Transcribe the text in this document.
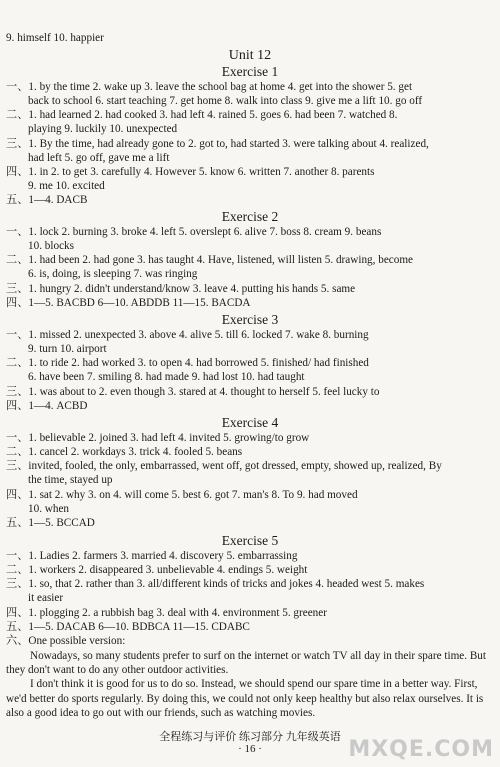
9. himself 10. happier
Unit 12
Exercise 1
一、1. by the time 2. wake up 3. leave the school bag at home 4. get into the shower 5. get
back to school 6. start teaching 7. get home 8. walk into class 9. give me a lift 10. go off
二、1. had learned 2. had cooked 3. had left 4. rained 5. goes 6. had been 7. watched 8.
playing 9. luckily 10. unexpected
三、1. By the time, had already gone to 2. got to, had started 3. were talking about 4. realized,
had left 5. go off, gave me a lift
四、1. in 2. to get 3. carefully 4. However 5. know 6. written 7. another 8. parents
9. me 10. excited
五、1—4. DACB
Exercise 2
一、1. lock 2. burning 3. broke 4. left 5. overslept 6. alive 7. boss 8. cream 9. beans
10. blocks
二、1. had been 2. had gone 3. has taught 4. Have, listened, will listen 5. drawing, become
6. is, doing, is sleeping 7. was ringing
三、1. hungry 2. didn't understand/know 3. leave 4. putting his hands 5. same
四、1—5. BACBD 6—10. ABDDB 11—15. BACDA
Exercise 3
一、1. missed 2. unexpected 3. above 4. alive 5. till 6. locked 7. wake 8. burning
9. turn 10. airport
二、1. to ride 2. had worked 3. to open 4. had borrowed 5. finished/ had finished
6. have been 7. smiling 8. had made 9. had lost 10. had taught
三、1. was about to 2. even though 3. stared at 4. thought to herself 5. feel lucky to
四、1—4. ACBD
Exercise 4
一、1. believable 2. joined 3. had left 4. invited 5. growing/to grow
二、1. cancel 2. workdays 3. trick 4. fooled 5. beans
三、invited, fooled, the only, embarrassed, went off, got dressed, empty, showed up, realized, By
the time, stayed up
四、1. sat 2. why 3. on 4. will come 5. best 6. got 7. man's 8. To 9. had moved
10. when
五、1—5. BCCAD
Exercise 5
一、1. Ladies 2. farmers 3. married 4. discovery 5. embarrassing
二、1. workers 2. disappeared 3. unbelievable 4. endings 5. weight
三、1. so, that 2. rather than 3. all/different kinds of tricks and jokes 4. headed west 5. makes
it easier
四、1. plogging 2. a rubbish bag 3. deal with 4. environment 5. greener
五、1—5. DACAB 6—10. BDBCA 11—15. CDABC
六、One possible version:

Nowadays, so many students prefer to surf on the internet or watch TV all day in their spare time. But they don't want to do any other outdoor activities.

I don't think it is good for us to do so. Instead, we should spend our spare time in a better way. First, we'd better do sports regularly. By doing this, we could not only keep healthy but also relax ourselves. It is also a good idea to go out with our friends, such as watching movies.

全程练习与评价 练习部分 九年级英语
· 16 ·	MXQE.COM
